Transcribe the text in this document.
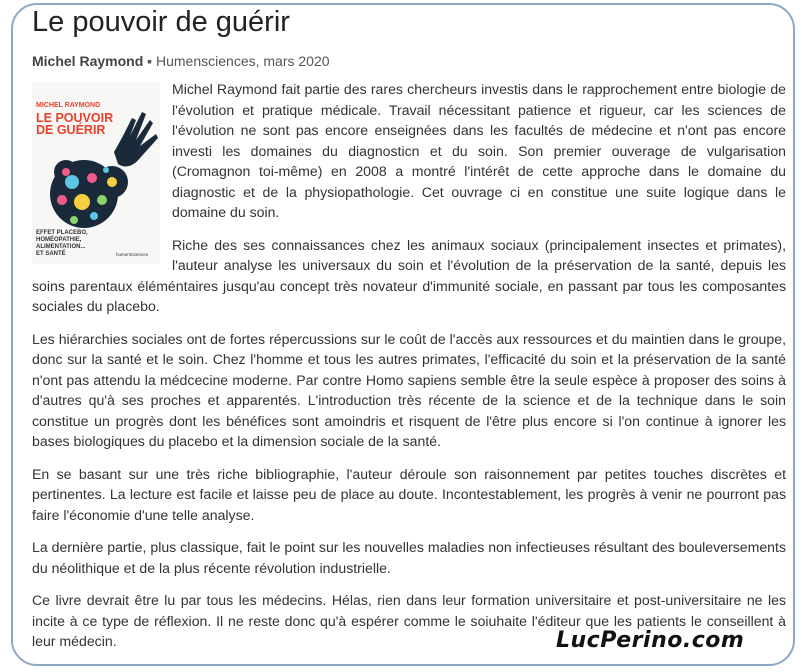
Le pouvoir de guérir
Michel Raymond ▪ Humensciences, mars 2020
MICHEL RAYMOND
LE POUVOIR
DE GUÉRIR
EFFET PLACEBO, HOMÉOPATHIE,
ALIMENTATION...
ET SANTÉ	humenSciences

Michel Raymond fait partie des rares chercheurs investis dans le rapprochement entre biologie de l'évolution et pratique médicale. Travail nécessitant patience et rigueur, car les sciences de l'évolution ne sont pas encore enseignées dans les facultés de médecine et n'ont pas encore investi les domaines du diagnosticn et du soin. Son premier ouverage de vulgarisation (Cromagnon toi-même) en 2008 a montré l'intérêt de cette approche dans le domaine du diagnostic et de la physiopathologie. Cet ouvrage ci en constitue une suite logique dans le domaine du soin.

Riche des ses connaissances chez les animaux sociaux (principalement insectes et primates), l'auteur analyse les universaux du soin et l'évolution de la préservation de la santé, depuis les soins parentaux éléméntaires jusqu'au concept très novateur d'immunité sociale, en passant par tous les composantes sociales du placebo.

Les hiérarchies sociales ont de fortes répercussions sur le coût de l'accès aux ressources et du maintien dans le groupe, donc sur la santé et le soin. Chez l'homme et tous les autres primates, l'efficacité du soin et la préservation de la santé n'ont pas attendu la médcecine moderne. Par contre Homo sapiens semble être la seule espèce à proposer des soins à d'autres qu'à ses proches et apparentés. L'introduction très récente de la science et de la technique dans le soin constitue un progrès dont les bénéfices sont amoindris et risquent de l'être plus encore si l'on continue à ignorer les bases biologiques du placebo et la dimension sociale de la santé.

En se basant sur une très riche bibliographie, l'auteur déroule son raisonnement par petites touches discrètes et pertinentes. La lecture est facile et laisse peu de place au doute. Incontestablement, les progrès à venir ne pourront pas faire l'économie d'une telle analyse.

La dernière partie, plus classique, fait le point sur les nouvelles maladies non infectieuses résultant des bouleversements du néolithique et de la plus récente révolution industrielle.

Ce livre devrait être lu par tous les médecins. Hélas, rien dans leur formation universitaire et post-universitaire ne les incite à ce type de réflexion. Il ne reste donc qu'à espérer comme le soiuhaite l'éditeur que les patients le conseillent à leur médecin.	LucPerino.com
